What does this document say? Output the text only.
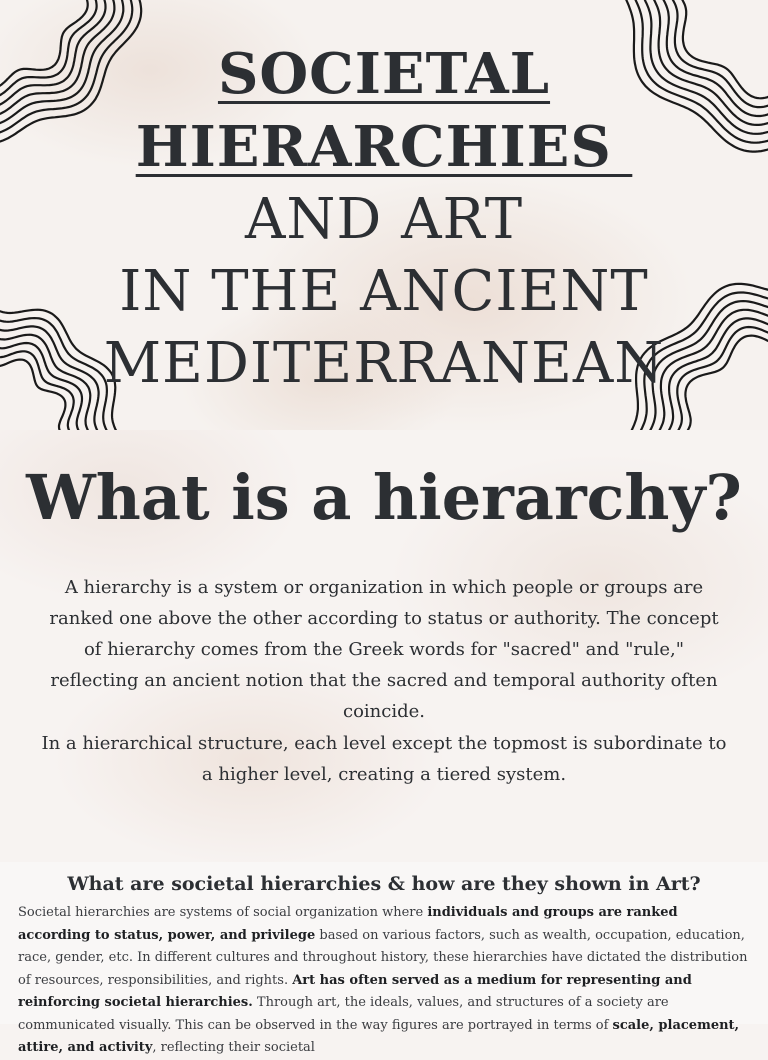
SOCIETAL
HIERARCHIES
AND ART
IN THE ANCIENT
MEDITERRANEAN
What is a hierarchy?

A hierarchy is a system or organization in which people or groups are ranked one above the other according to status or authority. The concept of hierarchy comes from the Greek words for "sacred" and "rule," reflecting an ancient notion that the sacred and temporal authority often coincide.

In a hierarchical structure, each level except the topmost is subordinate to a higher level, creating a tiered system.

What are societal hierarchies & how are they shown in Art?

Societal hierarchies are systems of social organization where individuals and groups are ranked according to status, power, and privilege based on various factors, such as wealth, occupation, education, race, gender, etc. In different cultures and throughout history, these hierarchies have dictated the distribution of resources, responsibilities, and rights. Art has often served as a medium for representing and reinforcing societal hierarchies. Through art, the ideals, values, and structures of a society are communicated visually. This can be observed in the way figures are portrayed in terms of scale, placement, attire, and activity, reflecting their societal
